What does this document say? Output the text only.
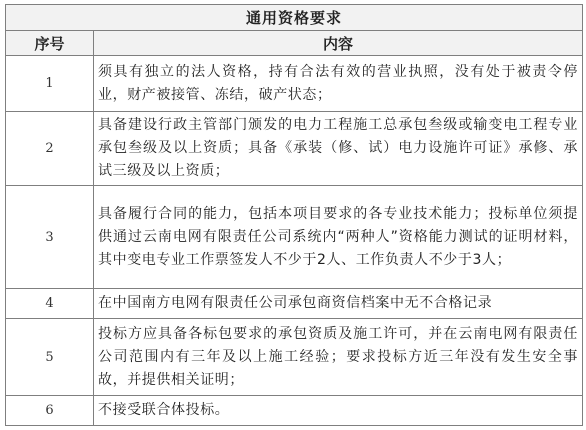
通用资格要求	
序号	内容
1	须具有独立的法人资格，持有合法有效的营业执照，没有处于被责令停业，财产被接管、冻结，破产状态；
2	具备建设行政主管部门颁发的电力工程施工总承包叁级或输变电工程专业承包叁级及以上资质；具备《承装（修、试）电力设施许可证》承修、承试三级及以上资质；
3	具备履行合同的能力，包括本项目要求的各专业技术能力；投标单位须提供通过云南电网有限责任公司系统内“两种人”资格能力测试的证明材料，其中变电专业工作票签发人不少于2人、工作负责人不少于3人；
4	在中国南方电网有限责任公司承包商资信档案中无不合格记录
5	投标方应具备各标包要求的承包资质及施工许可，并在云南电网有限责任公司范围内有三年及以上施工经验；要求投标方近三年没有发生安全事故，并提供相关证明；
6	不接受联合体投标。
